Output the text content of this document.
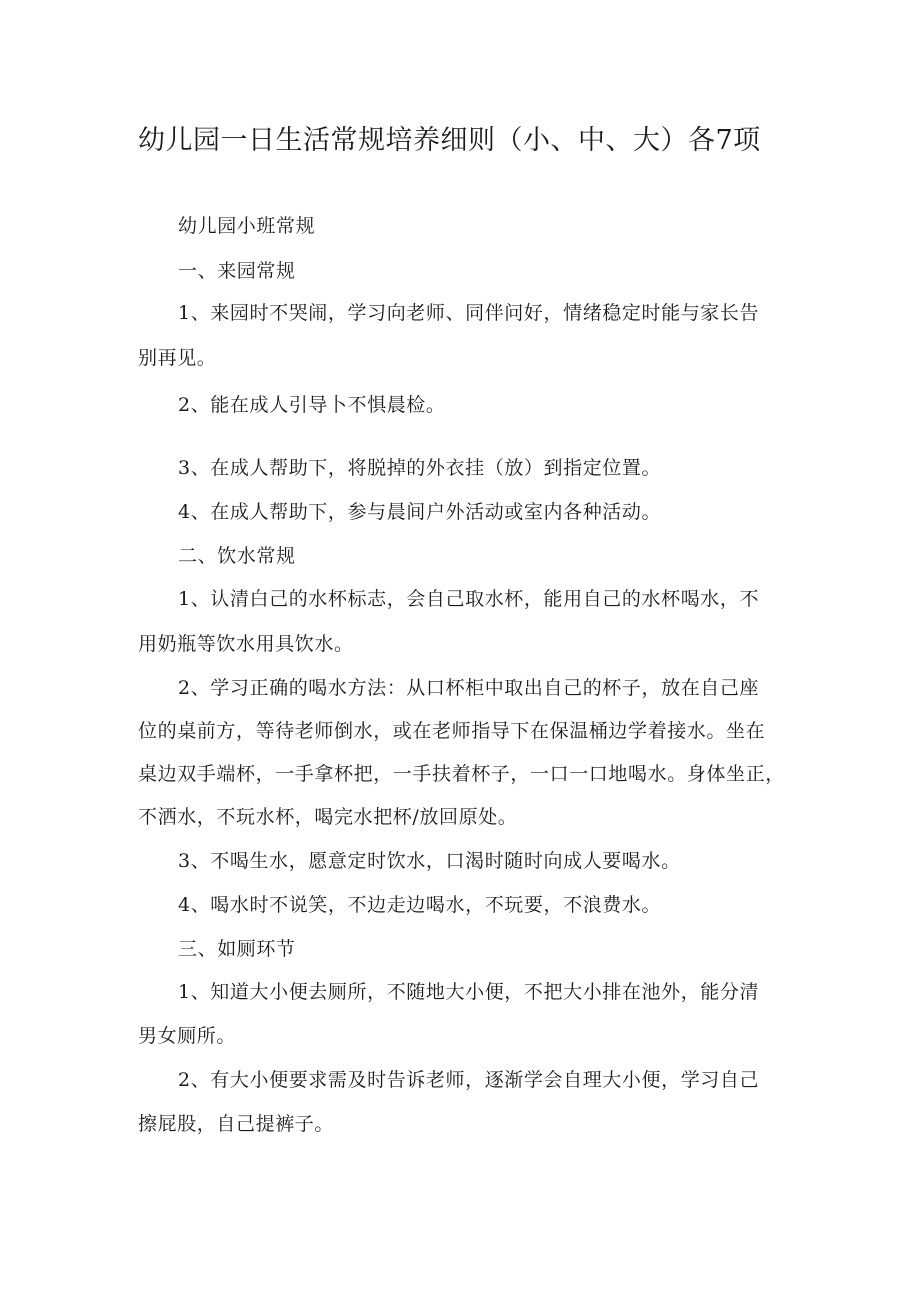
幼儿园一日生活常规培养细则（小、中、大）各7项

幼儿园小班常规

一、来园常规

1、来园时不哭闹，学习向老师、同伴问好，情绪稳定时能与家长告

别再见。

2、能在成人引导卜不惧晨检。

3、在成人帮助下，将脱掉的外衣挂（放）到指定位置。

4、在成人帮助下，参与晨间户外活动或室内各种活动。

二、饮水常规

1、认清白己的水杯标志，会自己取水杯，能用自己的水杯喝水，不

用奶瓶等饮水用具饮水。

2、学习正确的喝水方法：从口杯柜中取出自己的杯子，放在自己座

位的桌前方，等待老师倒水，或在老师指导下在保温桶边学着接水。坐在

桌边双手端杯，一手拿杯把，一手扶着杯子，一口一口地喝水。身体坐正，

不洒水，不玩水杯，喝完水把杯/放回原处。

3、不喝生水，愿意定时饮水，口渴时随时向成人要喝水。

4、喝水时不说笑，不边走边喝水，不玩要，不浪费水。

三、如厕环节

1、知道大小便去厕所，不随地大小便，不把大小排在池外，能分清

男女厕所。

2、有大小便要求需及时告诉老师，逐渐学会自理大小便，学习自己

擦屁股，自己提裤子。
